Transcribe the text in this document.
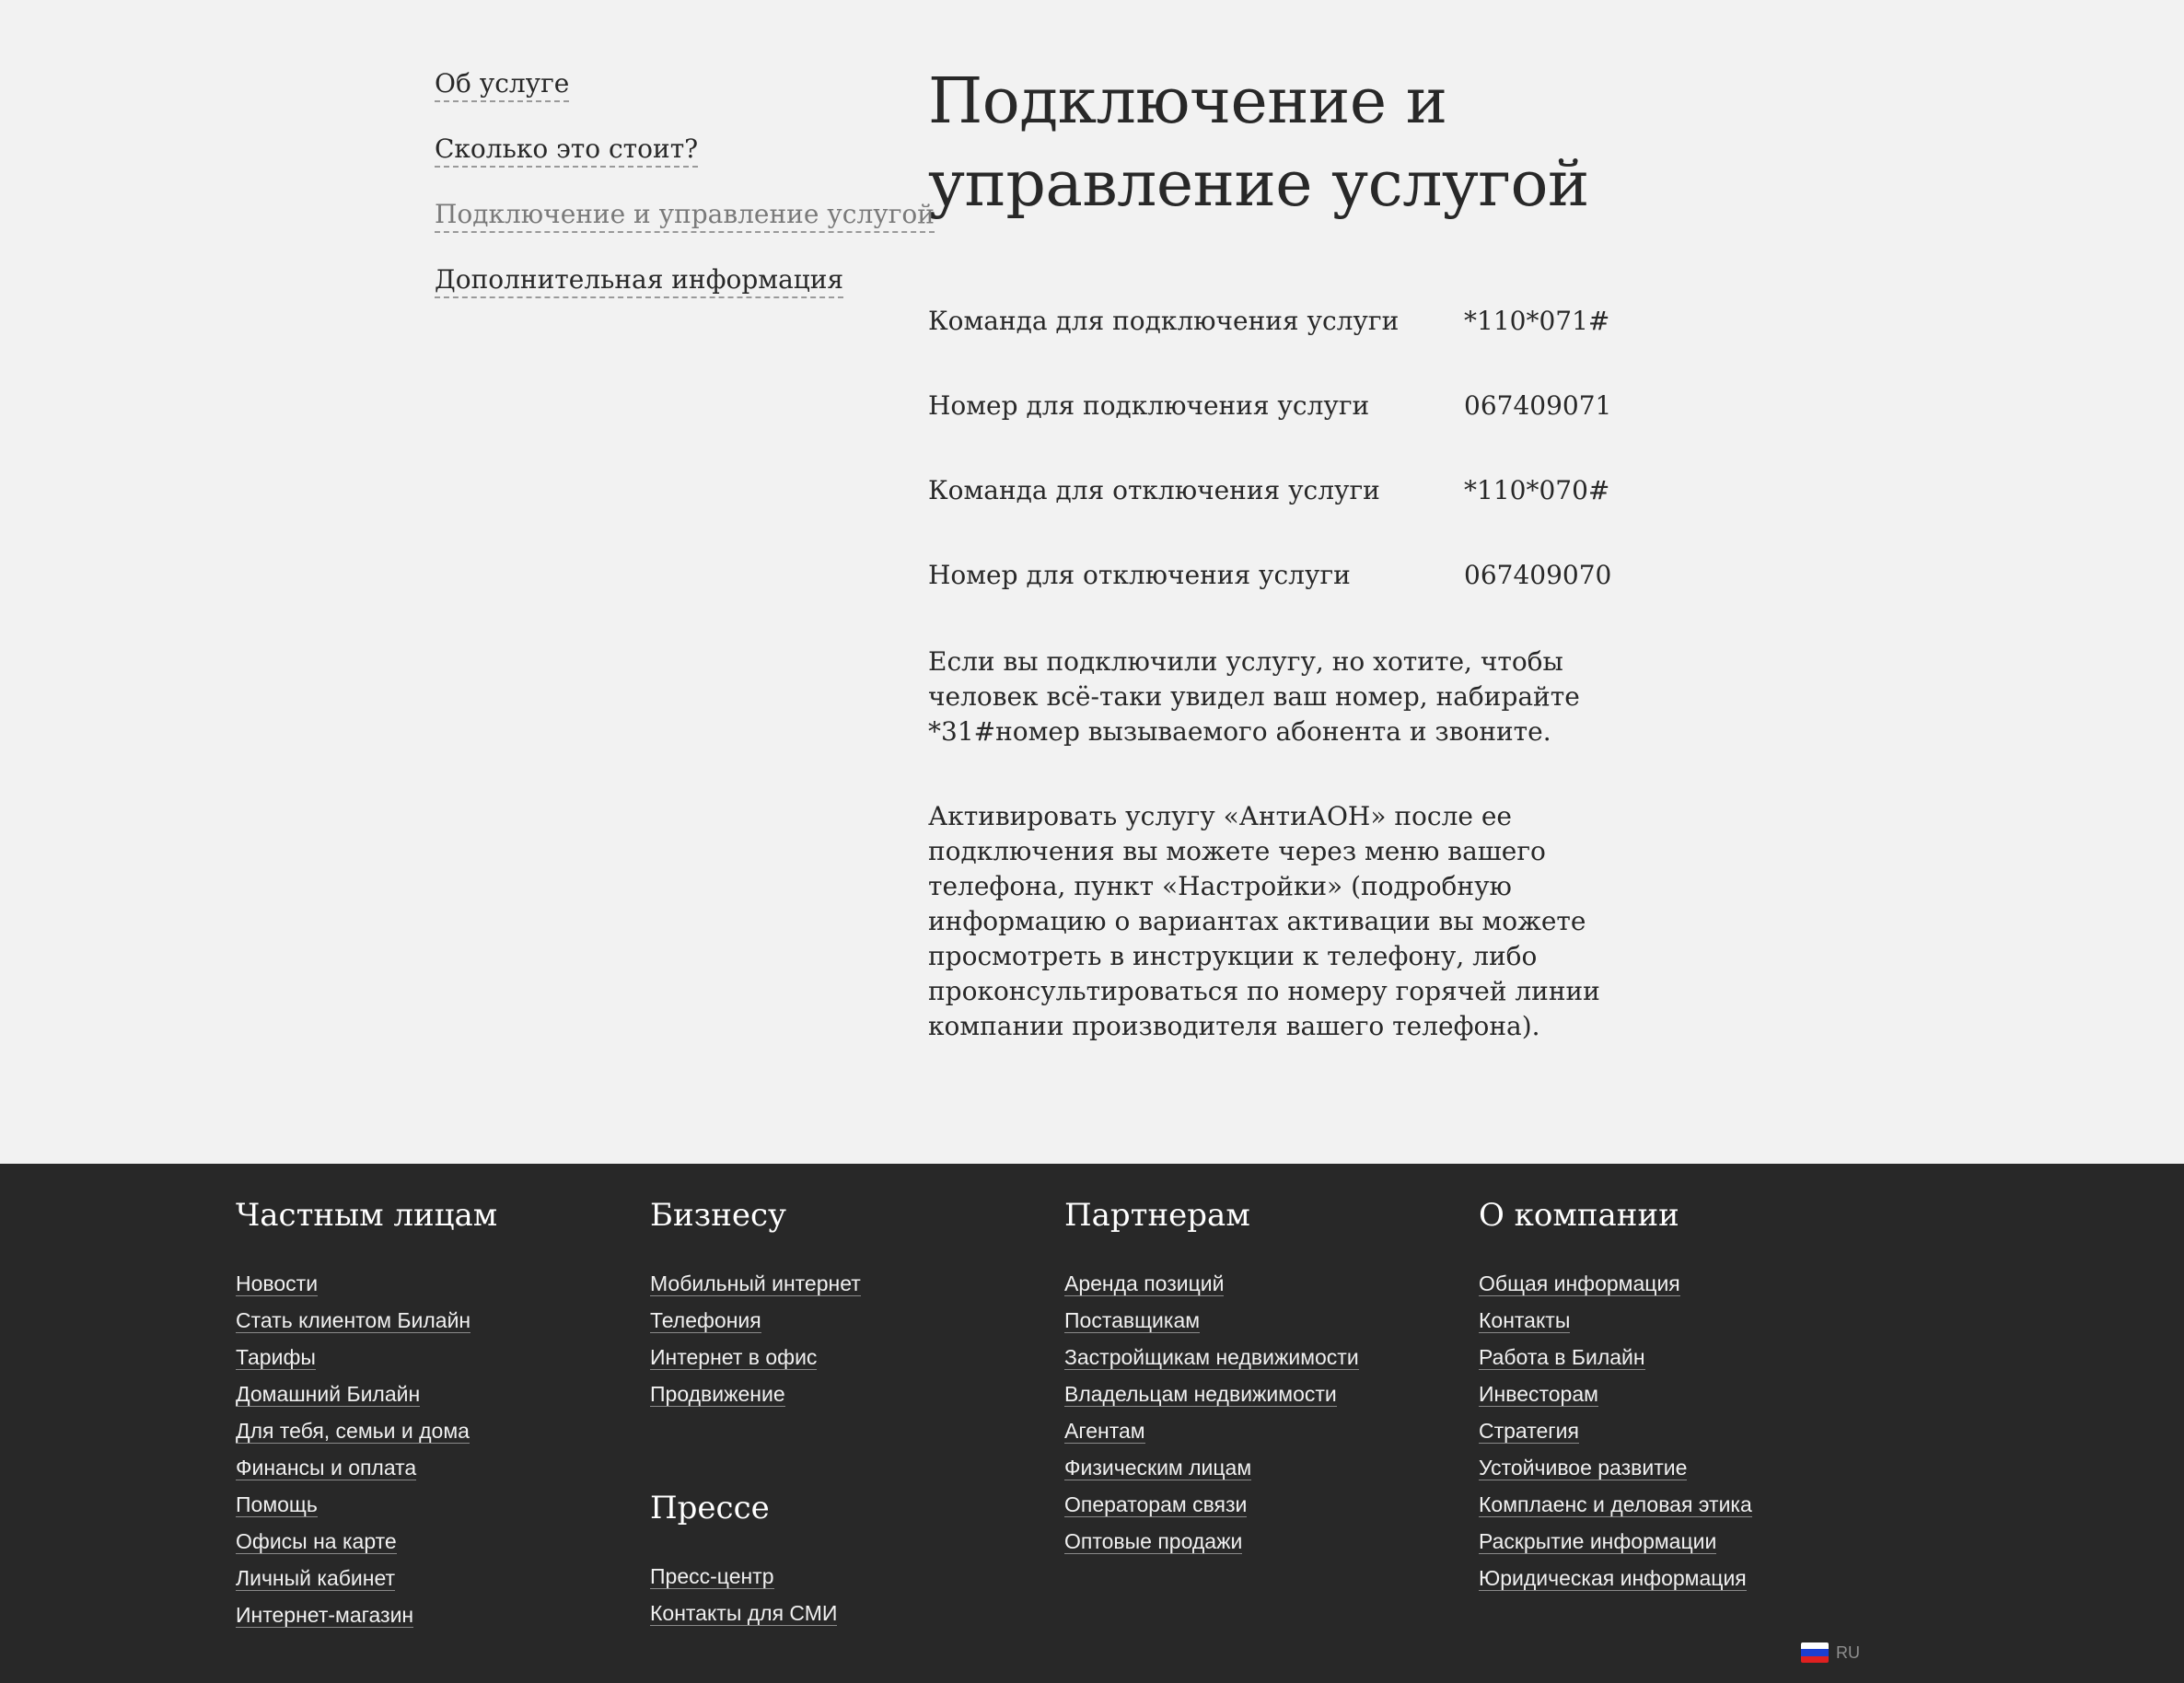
Об услуге
Сколько это стоит?
Подключение и управление услугой
Дополнительная информация
Подключение и
управление услугой
Команда для подключения услуги	*110*071#
Номер для подключения услуги	067409071
Команда для отключения услуги	*110*070#
Номер для отключения услуги	067409070

Если вы подключили услугу, но хотите, чтобы человек всё-таки увидел ваш номер, набирайте *31#номер вызываемого абонента и звоните.

Активировать услугу «АнтиАОН» после ее подключения вы можете через меню вашего телефона, пункт «Настройки» (подробную информацию о вариантах активации вы можете просмотреть в инструкции к телефону, либо проконсультироваться по номеру горячей линии компании производителя вашего телефона).

Частным лицам
Новости
Стать клиентом Билайн
Тарифы
Домашний Билайн
Для тебя, семьи и дома
Финансы и оплата
Помощь
Офисы на карте
Личный кабинет
Интернет-магазин
Бизнесу
Мобильный интернет
Телефония
Интернет в офис
Продвижение
Прессе
Пресс-центр
Контакты для СМИ
Партнерам
Аренда позиций
Поставщикам
Застройщикам недвижимости
Владельцам недвижимости
Агентам
Физическим лицам
Операторам связи
Оптовые продажи
О компании
Общая информация
Контакты
Работа в Билайн
Инвесторам
Стратегия
Устойчивое развитие
Комплаенс и деловая этика
Раскрытие информации
Юридическая информация
RU
